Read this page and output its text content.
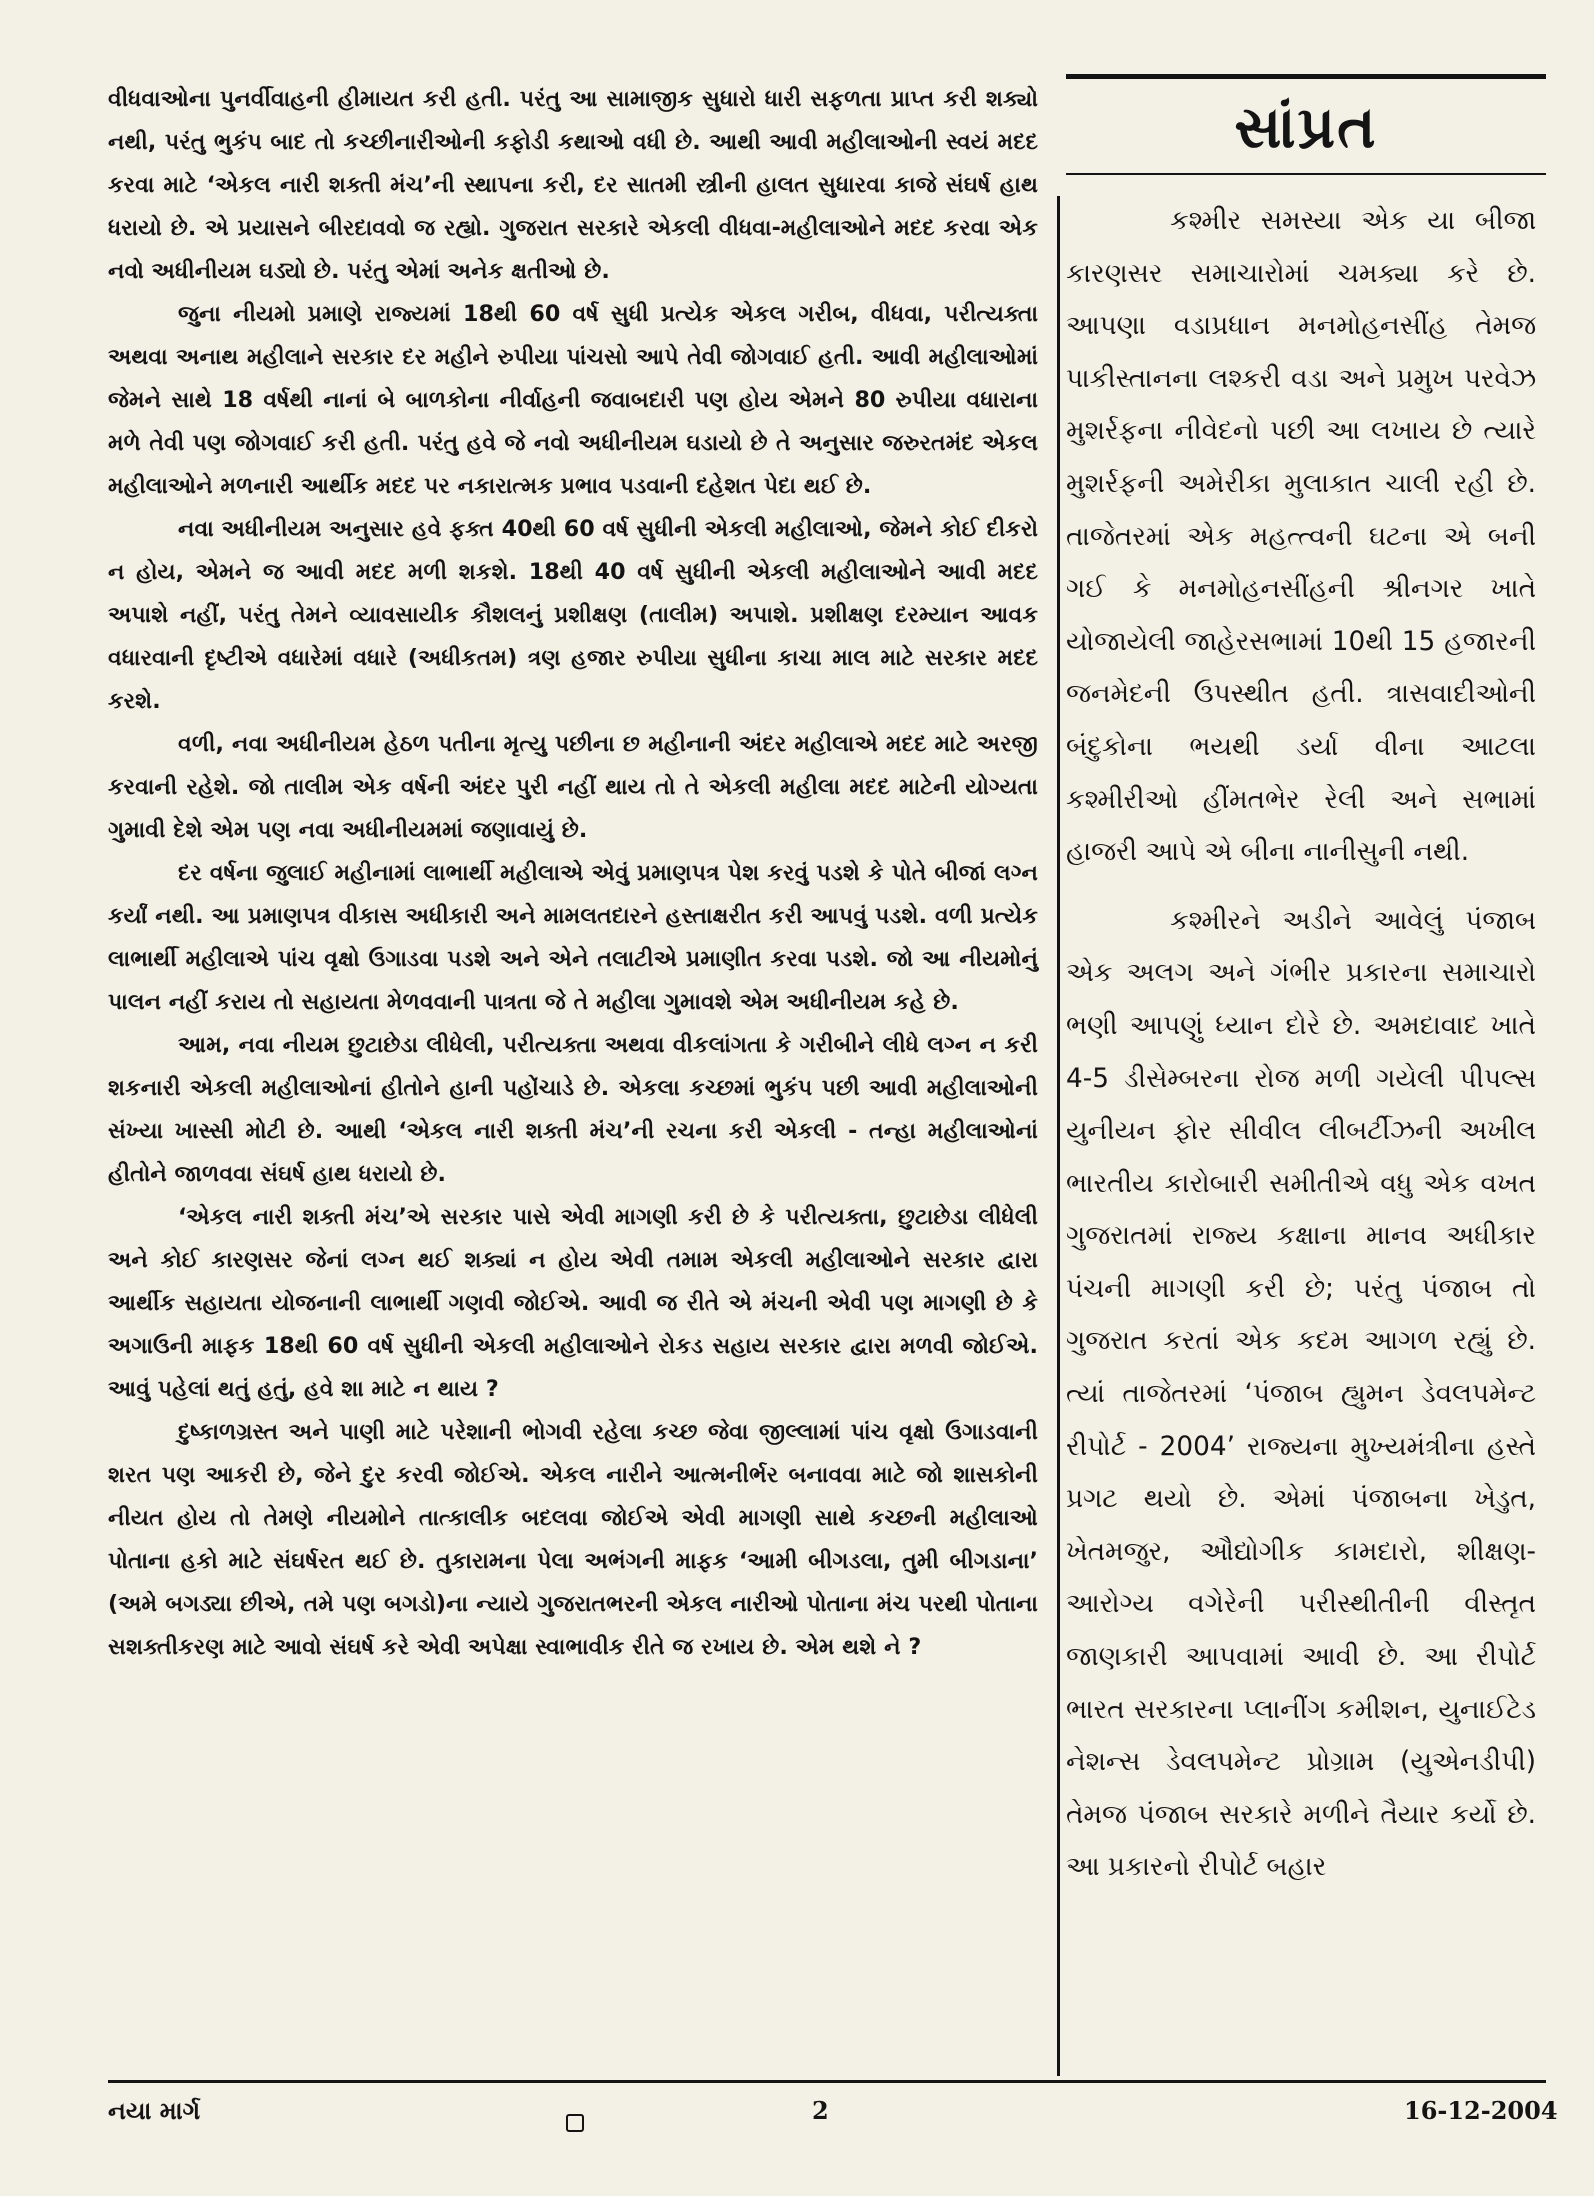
વીધવાઓના પુનર્વીવાહની હીમાયત કરી હતી. પરંતુ આ સામાજીક સુધારો ધારી સફળતા પ્રાપ્ત કરી શક્યો નથી, પરંતુ ભુકંપ બાદ તો કચ્છીનારીઓની કફોડી કથાઓ વધી છે. આથી આવી મહીલાઓની સ્વયં મદદ કરવા માટે ‘એકલ નારી શક્તી મંચ’ની સ્થાપના કરી, દર સાતમી સ્ત્રીની હાલત સુધારવા કાજે સંઘર્ષ હાથ ધરાયો છે. એ પ્રયાસને બીરદાવવો જ રહ્યો. ગુજરાત સરકારે એકલી વીધવા-મહીલાઓને મદદ કરવા એક નવો અધીનીયમ ઘડ્યો છે. પરંતુ એમાં અનેક ક્ષતીઓ છે.

જુના નીયમો પ્રમાણે રાજ્યમાં 18થી 60 વર્ષ સુધી પ્રત્યેક એકલ ગરીબ, વીધવા, પરીત્યક્તા અથવા અનાથ મહીલાને સરકાર દર મહીને રુપીયા પાંચસો આપે તેવી જોગવાઈ હતી. આવી મહીલાઓમાં જેમને સાથે 18 વર્ષથી નાનાં બે બાળકોના નીર્વાહની જવાબદારી પણ હોય એમને 80 રુપીયા વધારાના મળે તેવી પણ જોગવાઈ કરી હતી. પરંતુ હવે જે નવો અધીનીયમ ઘડાયો છે તે અનુસાર જરુરતમંદ એકલ મહીલાઓને મળનારી આર્થીક મદદ પર નકારાત્મક પ્રભાવ પડવાની દહેશત પેદા થઈ છે.

નવા અધીનીયમ અનુસાર હવે ફક્ત 40થી 60 વર્ષ સુધીની એકલી મહીલાઓ, જેમને કોઈ દીકરો ન હોય, એમને જ આવી મદદ મળી શકશે. 18થી 40 વર્ષ સુધીની એકલી મહીલાઓને આવી મદદ અપાશે નહીં, પરંતુ તેમને વ્યાવસાયીક કૌશલનું પ્રશીક્ષણ (તાલીમ) અપાશે. પ્રશીક્ષણ દરમ્યાન આવક વધારવાની દૃષ્ટીએ વધારેમાં વધારે (અધીકતમ) ત્રણ હજાર રુપીયા સુધીના કાચા માલ માટે સરકાર મદદ કરશે.

વળી, નવા અધીનીયમ હેઠળ પતીના મૃત્યુ પછીના છ મહીનાની અંદર મહીલાએ મદદ માટે અરજી કરવાની રહેશે. જો તાલીમ એક વર્ષની અંદર પુરી નહીં થાય તો તે એકલી મહીલા મદદ માટેની યોગ્યતા ગુમાવી દેશે એમ પણ નવા અધીનીયમમાં જણાવાયું છે.

દર વર્ષના જુલાઈ મહીનામાં લાભાર્થી મહીલાએ એવું પ્રમાણપત્ર પેશ કરવું પડશે કે પોતે બીજાં લગ્ન કર્યાં નથી. આ પ્રમાણપત્ર વીકાસ અધીકારી અને મામલતદારને હસ્તાક્ષરીત કરી આપવું પડશે. વળી પ્રત્યેક લાભાર્થી મહીલાએ પાંચ વૃક્ષો ઉગાડવા પડશે અને એને તલાટીએ પ્રમાણીત કરવા પડશે. જો આ નીયમોનું પાલન નહીં કરાય તો સહાયતા મેળવવાની પાત્રતા જે તે મહીલા ગુમાવશે એમ અધીનીયમ કહે છે.

આમ, નવા નીયમ છુટાછેડા લીધેલી, પરીત્યક્તા અથવા વીકલાંગતા કે ગરીબીને લીધે લગ્ન ન કરી શકનારી એકલી મહીલાઓનાં હીતોને હાની પહોંચાડે છે. એકલા કચ્છમાં ભુકંપ પછી આવી મહીલાઓની સંખ્યા ખાસ્સી મોટી છે. આથી ‘એકલ નારી શક્તી મંચ’ની રચના કરી એકલી - તન્હા મહીલાઓનાં હીતોને જાળવવા સંઘર્ષ હાથ ધરાયો છે.

‘એકલ નારી શક્તી મંચ’એ સરકાર પાસે એવી માગણી કરી છે કે પરીત્યક્તા, છુટાછેડા લીધેલી અને કોઈ કારણસર જેનાં લગ્ન થઈ શક્યાં ન હોય એવી તમામ એકલી મહીલાઓને સરકાર દ્વારા આર્થીક સહાયતા યોજનાની લાભાર્થી ગણવી જોઈએ. આવી જ રીતે એ મંચની એવી પણ માગણી છે કે અગાઉની માફક 18થી 60 વર્ષ સુધીની એકલી મહીલાઓને રોકડ સહાય સરકાર દ્વારા મળવી જોઈએ. આવું પહેલાં થતું હતું, હવે શા માટે ન થાય ?

દુષ્કાળગ્રસ્ત અને પાણી માટે પરેશાની ભોગવી રહેલા કચ્છ જેવા જીલ્લામાં પાંચ વૃક્ષો ઉગાડવાની શરત પણ આકરી છે, જેને દુર કરવી જોઈએ. એકલ નારીને આત્મનીર્ભર બનાવવા માટે જો શાસકોની નીયત હોય તો તેમણે નીયમોને તાત્કાલીક બદલવા જોઈએ એવી માગણી સાથે કચ્છની મહીલાઓ પોતાના હકો માટે સંઘર્ષરત થઈ છે. તુકારામના પેલા અભંગની માફક ‘આમી બીગડલા, તુમી બીગડાના’ (અમે બગડ્યા છીએ, તમે પણ બગડો)ના ન્યાયે ગુજરાતભરની એકલ નારીઓ પોતાના મંચ પરથી પોતાના સશક્તીકરણ માટે આવો સંઘર્ષ કરે એવી અપેક્ષા સ્વાભાવીક રીતે જ રખાય છે. એમ થશે ને ?

સાંપ્રત

કશ્મીર સમસ્યા એક યા બીજા કારણસર સમાચારોમાં ચમક્યા કરે છે. આપણા વડાપ્રધાન મનમોહનસીંહ તેમજ પાકીસ્તાનના લશ્કરી વડા અને પ્રમુખ પરવેઝ મુશર્રફના નીવેદનો પછી આ લખાય છે ત્યારે મુશર્રફની અમેરીકા મુલાકાત ચાલી રહી છે. તાજેતરમાં એક મહત્ત્વની ઘટના એ બની ગઈ કે મનમોહનસીંહની શ્રીનગર ખાતે યોજાયેલી જાહેરસભામાં 10થી 15 હજારની જનમેદની ઉપસ્થીત હતી. ત્રાસવાદીઓની બંદુકોના ભયથી ડર્યા વીના આટલા કશ્મીરીઓ હીંમતભેર રેલી અને સભામાં હાજરી આપે એ બીના નાનીસુની નથી.

કશ્મીરને અડીને આવેલું પંજાબ એક અલગ અને ગંભીર પ્રકારના સમાચારો ભણી આપણું ધ્યાન દોરે છે. અમદાવાદ ખાતે 4-5 ડીસેમ્બરના રોજ મળી ગયેલી પીપલ્સ યુનીયન ફોર સીવીલ લીબર્ટીઝની અખીલ ભારતીય કારોબારી સમીતીએ વધુ એક વખત ગુજરાતમાં રાજ્ય કક્ષાના માનવ અધીકાર પંચની માગણી કરી છે; પરંતુ પંજાબ તો ગુજરાત કરતાં એક કદમ આગળ રહ્યું છે. ત્યાં તાજેતરમાં ‘પંજાબ હ્યુમન ડેવલપમેન્ટ રીપોર્ટ - 2004’ રાજ્યના મુખ્યમંત્રીના હસ્તે પ્રગટ થયો છે. એમાં પંજાબના ખેડુત, ખેતમજુર, ઔદ્યોગીક કામદારો, શીક્ષણ-આરોગ્ય વગેરેની પરીસ્થીતીની વીસ્તૃત જાણકારી આપવામાં આવી છે. આ રીપોર્ટ ભારત સરકારના પ્લાનીંગ કમીશન, યુનાઈટેડ નેશન્સ ડેવલપમેન્ટ પ્રોગ્રામ (યુએનડીપી) તેમજ પંજાબ સરકારે મળીને તૈયાર કર્યો છે. આ પ્રકારનો રીપોર્ટ બહાર

નયા માર્ગ	2	16-12-2004
